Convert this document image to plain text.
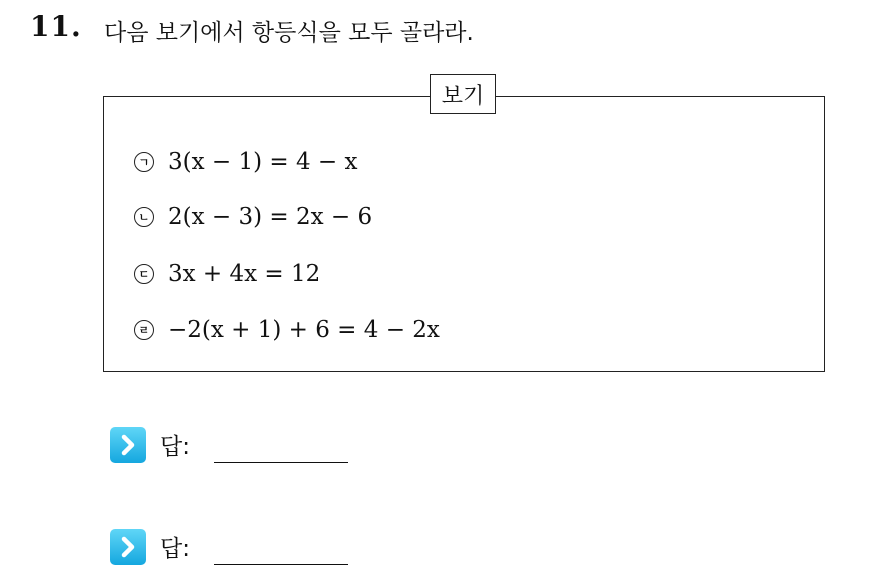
11. 다음 보기에서 항등식을 모두 골라라.
보기
ㄱ 3(x − 1) = 4 − x
ㄴ 2(x − 3) = 2x − 6
ㄷ 3x + 4x = 12
ㄹ −2(x + 1) + 6 = 4 − 2x
답:
답:
